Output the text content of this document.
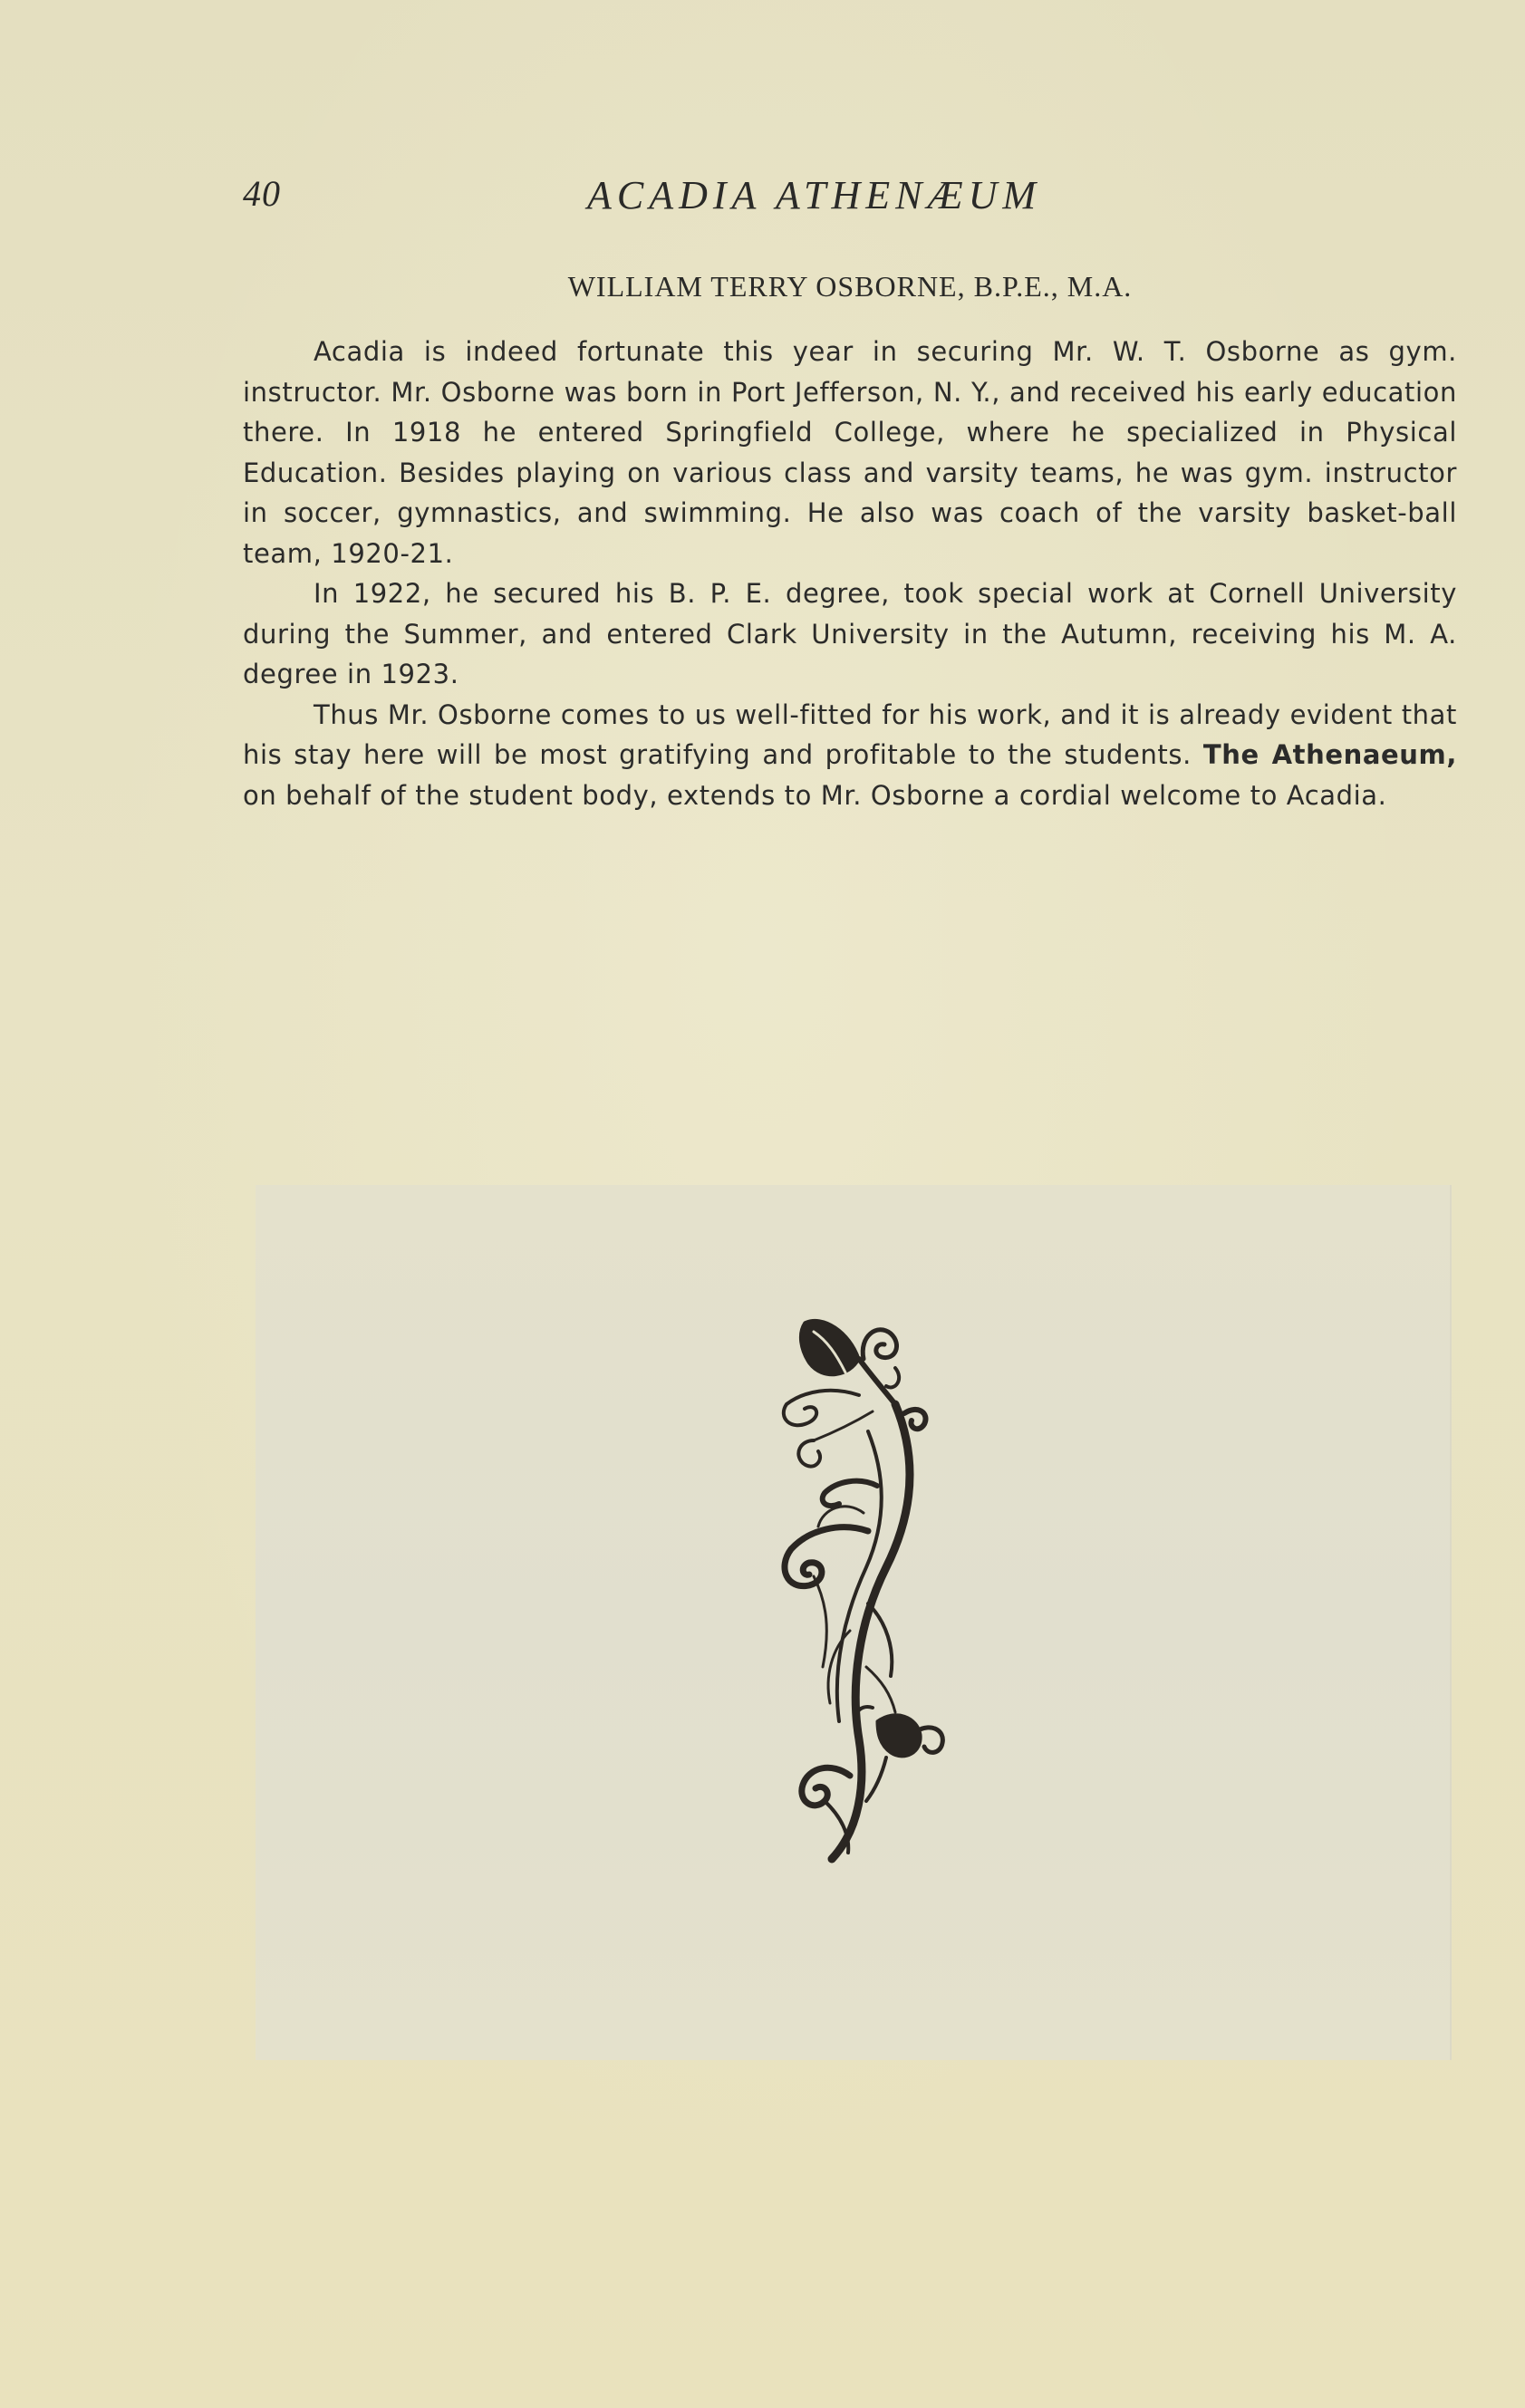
40	ACADIA ATHENÆUM
WILLIAM TERRY OSBORNE, B.P.E., M.A.

Acadia is indeed fortunate this year in securing Mr. W. T. Osborne as gym. instructor. Mr. Osborne was born in Port Jefferson, N. Y., and received his early education there. In 1918 he entered Springfield College, where he specialized in Physical Education. Besides playing on various class and varsity teams, he was gym. instructor in soccer, gymnastics, and swimming. He also was coach of the varsity basket-ball team, 1920-21.

In 1922, he secured his B. P. E. degree, took special work at Cornell University during the Summer, and entered Clark University in the Autumn, receiving his M. A. degree in 1923.

Thus Mr. Osborne comes to us well-fitted for his work, and it is already evident that his stay here will be most gratifying and profitable to the students. The Athenaeum, on behalf of the student body, extends to Mr. Osborne a cordial welcome to Acadia.
